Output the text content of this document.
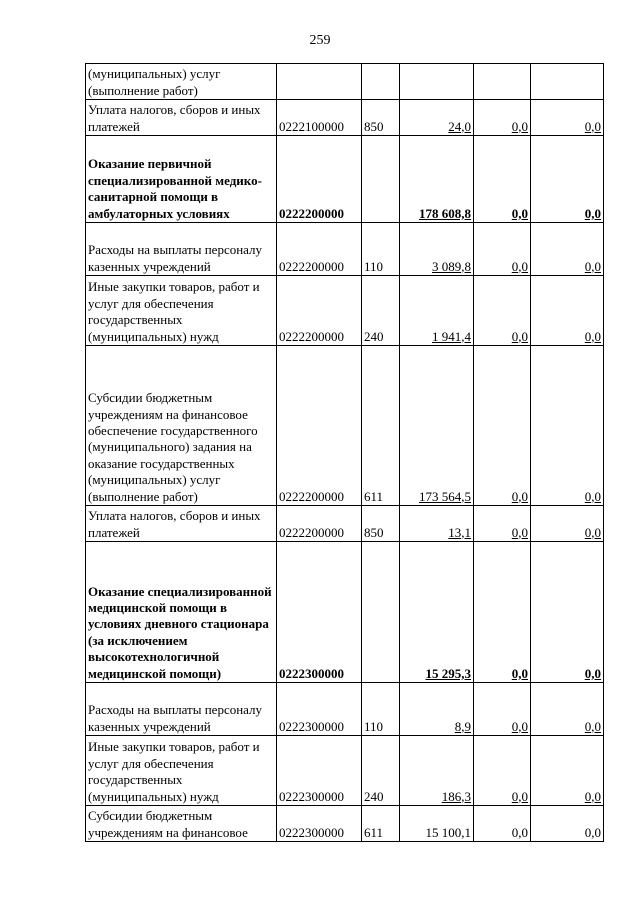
259
(муниципальных) услуг (выполнение работ)					
Уплата налогов, сборов и иных платежей	0222100000	850	24,0	0,0	0,0
Оказание первичной специализированной медико-санитарной помощи в амбулаторных условиях	0222200000		178 608,8	0,0	0,0
Расходы на выплаты персоналу казенных учреждений	0222200000	110	3 089,8	0,0	0,0
Иные закупки товаров, работ и услуг для обеспечения государственных (муниципальных) нужд	0222200000	240	1 941,4	0,0	0,0
Субсидии бюджетным учреждениям на финансовое обеспечение государственного (муниципального) задания на оказание государственных (муниципальных) услуг (выполнение работ)	0222200000	611	173 564,5	0,0	0,0
Уплата налогов, сборов и иных платежей	0222200000	850	13,1	0,0	0,0
Оказание специализированной медицинской помощи в условиях дневного стационара (за исключением высокотехнологичной медицинской помощи)	0222300000		15 295,3	0,0	0,0
Расходы на выплаты персоналу казенных учреждений	0222300000	110	8,9	0,0	0,0
Иные закупки товаров, работ и услуг для обеспечения государственных (муниципальных) нужд	0222300000	240	186,3	0,0	0,0
Субсидии бюджетным учреждениям на финансовое	0222300000	611	15 100,1	0,0	0,0
